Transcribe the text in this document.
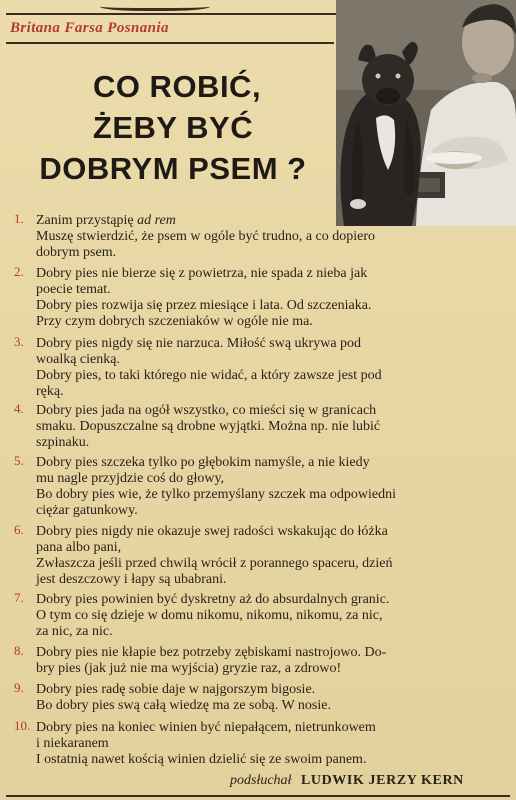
Britana Farsa Posnania
CO ROBIĆ,
ŻEBY BYĆ
DOBRYM PSEM ?
1. Zanim przystąpię ad rem
Muszę stwierdzić, że psem w ogóle być trudno, a co dopiero
dobrym psem.
2. Dobry pies nie bierze się z powietrza, nie spada z nieba jak
poecie temat.
Dobry pies rozwija się przez miesiące i lata. Od szczeniaka.
Przy czym dobrych szczeniaków w ogóle nie ma.
3. Dobry pies nigdy się nie narzuca. Miłość swą ukrywa pod
woalką cienką.
Dobry pies, to taki którego nie widać, a który zawsze jest pod
ręką.
4. Dobry pies jada na ogół wszystko, co mieści się w granicach
smaku. Dopuszczalne są drobne wyjątki. Można np. nie lubić
szpinaku.
5. Dobry pies szczeka tylko po głębokim namyśle, a nie kiedy
mu nagle przyjdzie coś do głowy,
Bo dobry pies wie, że tylko przemyślany szczek ma odpowiedni
ciężar gatunkowy.
6. Dobry pies nigdy nie okazuje swej radości wskakując do łóżka
pana albo pani,
Zwłaszcza jeśli przed chwilą wrócił z porannego spaceru, dzień
jest deszczowy i łapy są ubabrani.
7. Dobry pies powinien być dyskretny aż do absurdalnych granic.
O tym co się dzieje w domu nikomu, nikomu, nikomu, za nic,
za nic, za nic.
8. Dobry pies nie kłapie bez potrzeby zębiskami nastrojowo. Do-
bry pies (jak już nie ma wyjścia) gryzie raz, a zdrowo!
9. Dobry pies radę sobie daje w najgorszym bigosie.
Bo dobry pies swą całą wiedzę ma ze sobą. W nosie.
10. Dobry pies na koniec winien być niepałącem, nietrunkowem
i niekaranem
I ostatnią nawet kością winien dzielić się ze swoim panem.
podsłuchał LUDWIK JERZY KERN
